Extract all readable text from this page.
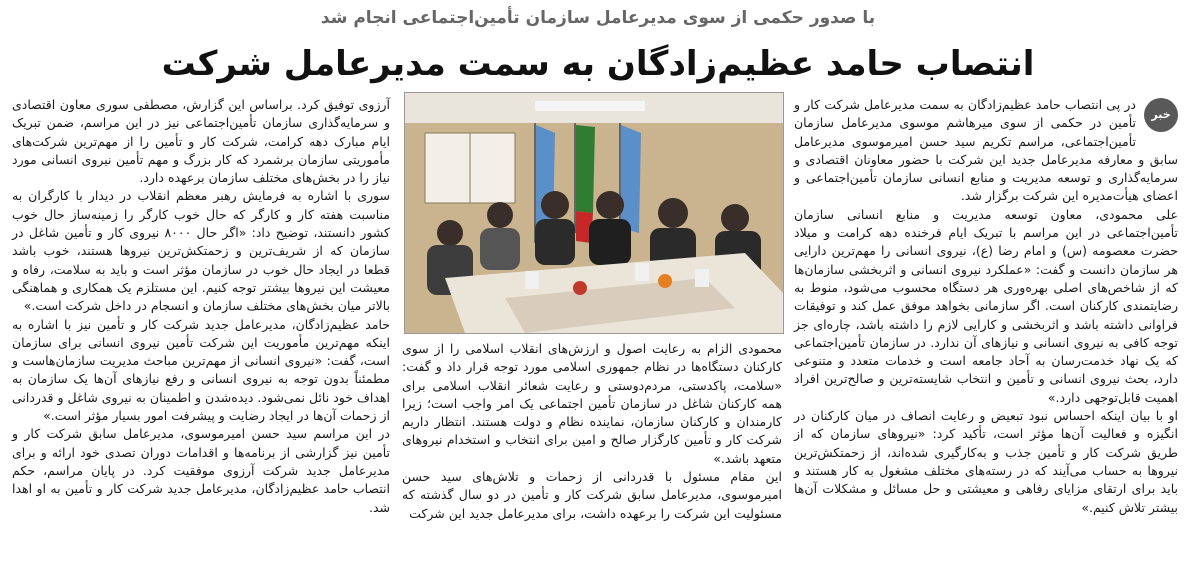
با صدور حکمی از سوی مدیرعامل سازمان تأمین‌اجتماعی انجام شد
انتصاب حامد عظیم‌زادگان به سمت مدیرعامل شرکت
خبر

در پی انتصاب حامد عظیم‌زادگان به سمت مدیرعامل شرکت کار و تأمین در حکمی از سوی میرهاشم موسوی مدیرعامل سازمان تأمین‌اجتماعی، مراسم تکریم سید حسن امیرموسوی مدیرعامل سابق و معارفه مدیرعامل جدید این شرکت با حضور معاونان اقتصادی و سرمایه‌گذاری و توسعه مدیریت و منابع انسانی سازمان تأمین‌اجتماعی و اعضای هیأت‌مدیره این شرکت برگزار شد.

علی محمودی، معاون توسعه مدیریت و منابع انسانی سازمان تأمین‌اجتماعی در این مراسم با تبریک ایام فرخنده دهه کرامت و میلاد حضرت معصومه (س) و امام رضا (ع)، نیروی انسانی را مهم‌ترین دارایی هر سازمان دانست و گفت: «عملکرد نیروی انسانی و اثربخشی سازمان‌ها که از شاخص‌های اصلی بهره‌وری هر دستگاه محسوب می‌شود، منوط به رضایتمندی کارکنان است. اگر سازمانی بخواهد موفق عمل کند و توفیقات فراوانی داشته باشد و اثربخشی و کارایی لازم را داشته باشد، چاره‌ای جز توجه کافی به نیروی انسانی و نیازهای آن ندارد. در سازمان تأمین‌اجتماعی که یک نهاد خدمت‌رسان به آحاد جامعه است و خدمات متعدد و متنوعی دارد، بحث نیروی انسانی و تأمین و انتخاب شایسته‌ترین و صالح‌ترین افراد اهمیت قابل‌توجهی دارد.»

او با بیان اینکه احساس نبود تبعیض و رعایت انصاف در میان کارکنان در انگیزه و فعالیت آن‌ها مؤثر است، تأکید کرد: «نیروهای سازمان که از طریق شرکت کار و تأمین جذب و به‌کارگیری شده‌اند، از زحمتکش‌ترین نیروها به حساب می‌آیند که در رسته‌های مختلف مشغول به کار هستند و باید برای ارتقای مزایای رفاهی و معیشتی و حل مسائل و مشکلات آن‌ها بیشتر تلاش کنیم.»

محمودی الزام به رعایت اصول و ارزش‌های انقلاب اسلامی را از سوی کارکنان دستگاه‌ها در نظام جمهوری اسلامی مورد توجه قرار داد و گفت: «سلامت، پاکدستی، مردم‌دوستی و رعایت شعائر انقلاب اسلامی برای همه کارکنان شاغل در سازمان تأمین اجتماعی یک امر واجب است؛ زیرا کارمندان و کارکنان سازمان، نماینده نظام و دولت هستند. انتظار داریم شرکت کار و تأمین کارگزار صالح و امین برای انتخاب و استخدام نیروهای متعهد باشد.»

این مقام مسئول با قدردانی از زحمات و تلاش‌های سید حسن امیرموسوی، مدیرعامل سابق شرکت کار و تأمین در دو سال گذشته که مسئولیت این شرکت را برعهده داشت، برای مدیرعامل جدید این شرکت

آرزوی توفیق کرد. براساس این گزارش، مصطفی سوری معاون اقتصادی و سرمایه‌گذاری سازمان تأمین‌اجتماعی نیز در این مراسم، ضمن تبریک ایام مبارک دهه کرامت، شرکت کار و تأمین را از مهم‌ترین شرکت‌های مأموریتی سازمان برشمرد که کار بزرگ و مهم تأمین نیروی انسانی مورد نیاز را در بخش‌های مختلف سازمان برعهده دارد.

سوری با اشاره به فرمایش رهبر معظم انقلاب در دیدار با کارگران به مناسبت هفته کار و کارگر که حال خوب کارگر را زمینه‌ساز حال خوب کشور دانستند، توضیح داد: «اگر حال ۸۰۰۰ نیروی کار و تأمین شاغل در سازمان که از شریف‌ترین و زحمتکش‌ترین نیروها هستند، خوب باشد قطعا در ایجاد حال خوب در سازمان مؤثر است و باید به سلامت، رفاه و معیشت این نیروها بیشتر توجه کنیم. این مستلزم یک همکاری و هماهنگی بالاتر میان بخش‌های مختلف سازمان و انسجام در داخل شرکت است.»

حامد عظیم‌زادگان، مدیرعامل جدید شرکت کار و تأمین نیز با اشاره به اینکه مهم‌ترین مأموریت این شرکت تأمین نیروی انسانی برای سازمان است، گفت: «نیروی انسانی از مهم‌ترین مباحث مدیریت سازمان‌هاست و مطمئناً بدون توجه به نیروی انسانی و رفع نیازهای آن‌ها یک سازمان به اهداف خود نائل نمی‌شود. دیده‌شدن و اطمینان به نیروی شاغل و قدردانی از زحمات آن‌ها در ایجاد رضایت و پیشرفت امور بسیار مؤثر است.»

در این مراسم سید حسن امیرموسوی، مدیرعامل سابق شرکت کار و تأمین نیز گزارشی از برنامه‌ها و اقدامات دوران تصدی خود ارائه و برای مدیرعامل جدید شرکت آرزوی موفقیت کرد. در پایان مراسم، حکم انتصاب حامد عظیم‌زادگان، مدیرعامل جدید شرکت کار و تأمین به او اهدا شد.
